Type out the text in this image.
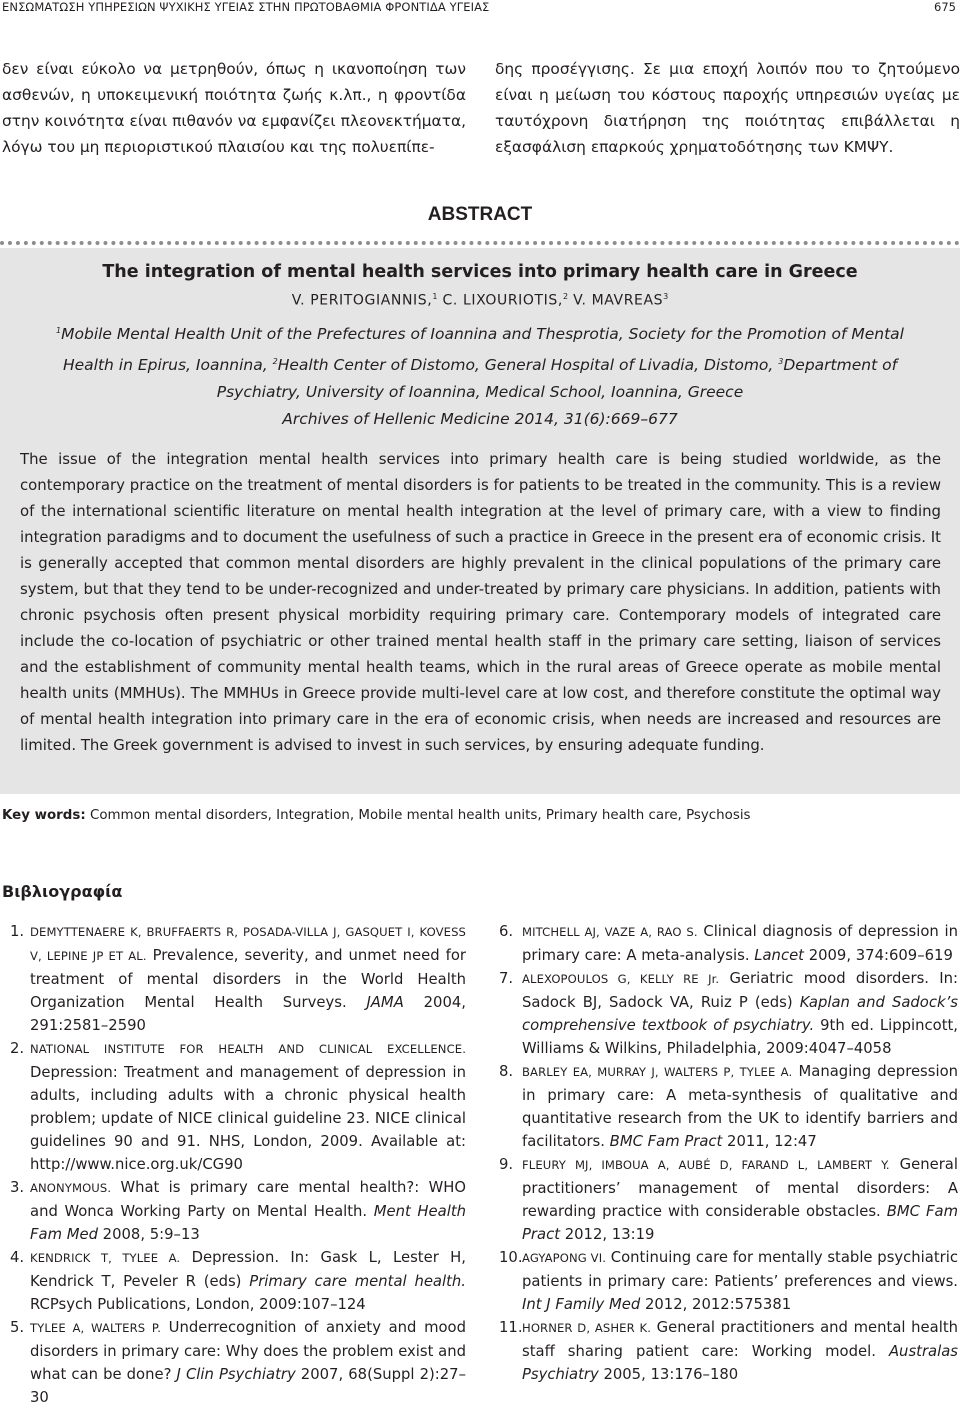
ΕΝΣΩΜΑΤΩΣΗ ΥΠΗΡΕΣΙΩΝ ΨΥΧΙΚΗΣ ΥΓΕΙΑΣ ΣΤΗΝ ΠΡΩΤΟΒΑΘΜΙΑ ΦΡΟΝΤΙΔΑ ΥΓΕΙΑΣ	675
δεν είναι εύκολο να μετρηθούν, όπως η ικανοποίηση των ασθενών, η υποκειμενική ποιότητα ζωής κ.λπ., η φροντίδα στην κοινότητα είναι πιθανόν να εμφανίζει πλεονεκτήματα, λόγω του μη περιοριστικού πλαισίου και της πολυεπίπε-
δης προσέγγισης. Σε μια εποχή λοιπόν που το ζητούμενο είναι η μείωση του κόστους παροχής υπηρεσιών υγείας με ταυτόχρονη διατήρηση της ποιότητας επιβάλλεται η εξασφάλιση επαρκούς χρηματοδότησης των ΚΜΨΥ.
ABSTRACT
The integration of mental health services into primary health care in Greece
V. PERITOGIANNIS,$^1$ C. LIXOURIOTIS,$^2$ V. MAVREAS$^3$
$^1$Mobile Mental Health Unit of the Prefectures of Ioannina and Thesprotia, Society for the Promotion of Mental Health in Epirus, Ioannina, $^2$Health Center of Distomo, General Hospital of Livadia, Distomo, $^3$Department of Psychiatry, University of Ioannina, Medical School, Ioannina, Greece
Archives of Hellenic Medicine 2014, 31(6):669–677
The issue of the integration mental health services into primary health care is being studied worldwide, as the contemporary practice on the treatment of mental disorders is for patients to be treated in the community. This is a review of the international scientific literature on mental health integration at the level of primary care, with a view to finding integration paradigms and to document the usefulness of such a practice in Greece in the present era of economic crisis. It is generally accepted that common mental disorders are highly prevalent in the clinical populations of the primary care system, but that they tend to be under-recognized and under-treated by primary care physicians. In addition, patients with chronic psychosis often present physical morbidity requiring primary care. Contemporary models of integrated care include the co-location of psychiatric or other trained mental health staff in the primary care setting, liaison of services and the establishment of community mental health teams, which in the rural areas of Greece operate as mobile mental health units (MMHUs). The MMHUs in Greece provide multi-level care at low cost, and therefore constitute the optimal way of mental health integration into primary care in the era of economic crisis, when needs are increased and resources are limited. The Greek government is advised to invest in such services, by ensuring adequate funding.
Key words: Common mental disorders, Integration, Mobile mental health units, Primary health care, Psychosis
Βιβλιογραφία
1. DEMYTTENAERE K, BRUFFAERTS R, POSADA-VILLA J, GASQUET I, KOVESS V, LEPINE JP ET AL. Prevalence, severity, and unmet need for treatment of mental disorders in the World Health Organization Mental Health Surveys. JAMA 2004, 291:2581–2590
2. NATIONAL INSTITUTE FOR HEALTH AND CLINICAL EXCELLENCE. Depression: Treatment and management of depression in adults, including adults with a chronic physical health problem; update of NICE clinical guideline 23. NICE clinical guidelines 90 and 91. NHS, London, 2009. Available at: http://www.nice.org.uk/CG90
3. ANONYMOUS. What is primary care mental health?: WHO and Wonca Working Party on Mental Health. Ment Health Fam Med 2008, 5:9–13
4. KENDRICK T, TYLEE A. Depression. In: Gask L, Lester H, Kendrick T, Peveler R (eds) Primary care mental health. RCPsych Publications, London, 2009:107–124
5. TYLEE A, WALTERS P. Underrecognition of anxiety and mood disorders in primary care: Why does the problem exist and what can be done? J Clin Psychiatry 2007, 68(Suppl 2):27–30
6. MITCHELL AJ, VAZE A, RAO S. Clinical diagnosis of depression in primary care: A meta-analysis. Lancet 2009, 374:609–619
7. ALEXOPOULOS G, KELLY RE Jr. Geriatric mood disorders. In: Sadock BJ, Sadock VA, Ruiz P (eds) Kaplan and Sadock’s comprehensive textbook of psychiatry. 9th ed. Lippincott, Williams & Wilkins, Philadelphia, 2009:4047–4058
8. BARLEY EA, MURRAY J, WALTERS P, TYLEE A. Managing depression in primary care: A meta-synthesis of qualitative and quantitative research from the UK to identify barriers and facilitators. BMC Fam Pract 2011, 12:47
9. FLEURY MJ, IMBOUA A, AUBÉ D, FARAND L, LAMBERT Y. General practitioners’ management of mental disorders: A rewarding practice with considerable obstacles. BMC Fam Pract 2012, 13:19
10. AGYAPONG VI. Continuing care for mentally stable psychiatric patients in primary care: Patients’ preferences and views. Int J Family Med 2012, 2012:575381
11. HORNER D, ASHER K. General practitioners and mental health staff sharing patient care: Working model. Australas Psychiatry 2005, 13:176–180
